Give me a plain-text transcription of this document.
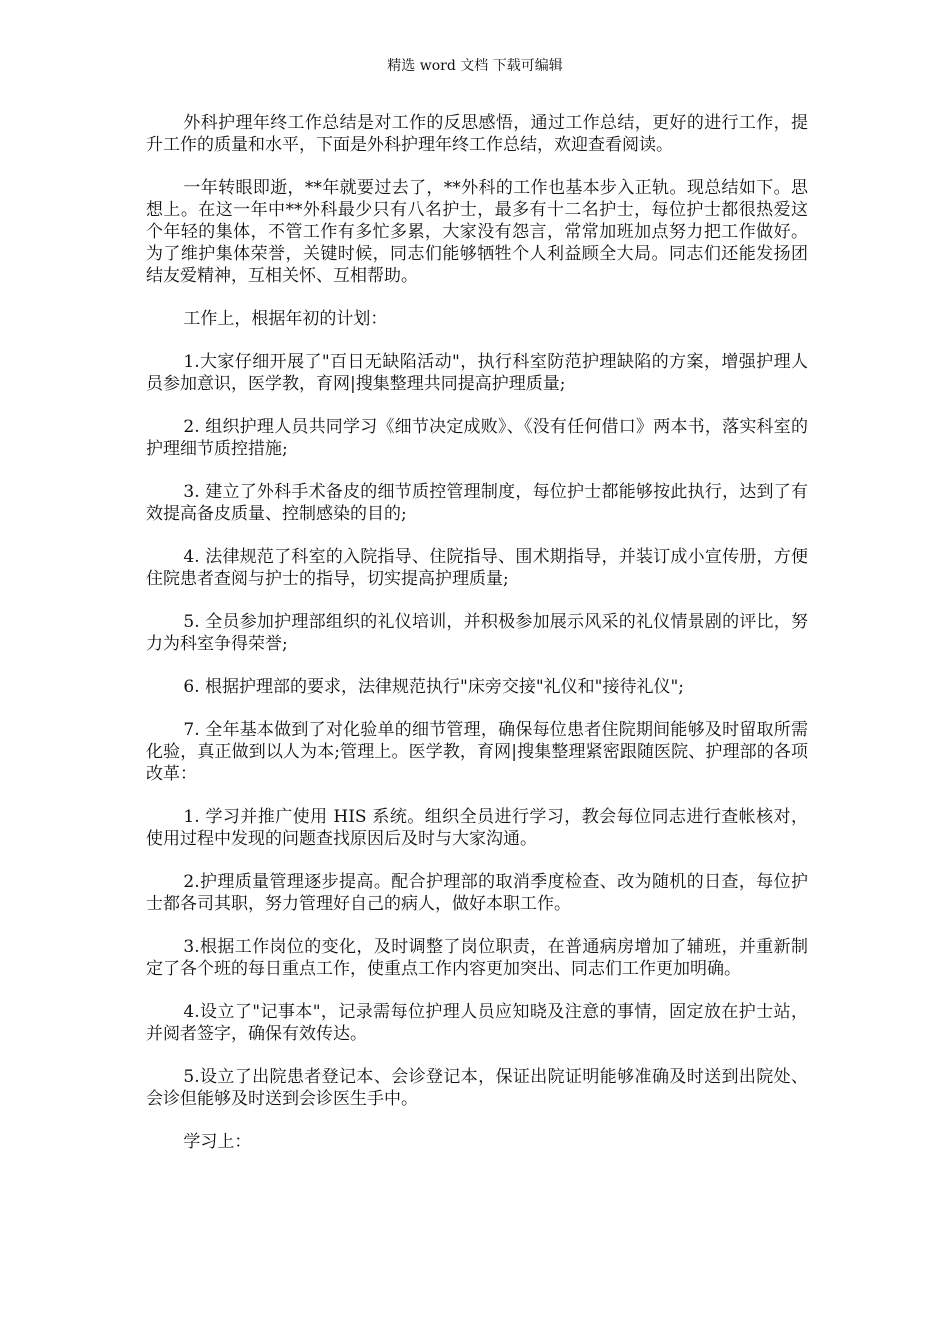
精选 word 文档 下载可编辑

外科护理年终工作总结是对工作的反思感悟，通过工作总结，更好的进行工作，提升工作的质量和水平，下面是外科护理年终工作总结，欢迎查看阅读。

一年转眼即逝，**年就要过去了，**外科的工作也基本步入正轨。现总结如下。思想上。在这一年中**外科最少只有八名护士，最多有十二名护士，每位护士都很热爱这个年轻的集体，不管工作有多忙多累，大家没有怨言，常常加班加点努力把工作做好。为了维护集体荣誉，关键时候，同志们能够牺牲个人利益顾全大局。同志们还能发扬团结友爱精神，互相关怀、互相帮助。

工作上，根据年初的计划：

1.大家仔细开展了"百日无缺陷活动"，执行科室防范护理缺陷的方案，增强护理人员参加意识，医学教，育网|搜集整理共同提高护理质量;

2. 组织护理人员共同学习《细节决定成败》、《没有任何借口》两本书，落实科室的护理细节质控措施;

3. 建立了外科手术备皮的细节质控管理制度，每位护士都能够按此执行，达到了有效提高备皮质量、控制感染的目的;

4. 法律规范了科室的入院指导、住院指导、围术期指导，并装订成小宣传册，方便住院患者查阅与护士的指导，切实提高护理质量;

5. 全员参加护理部组织的礼仪培训，并积极参加展示风采的礼仪情景剧的评比，努力为科室争得荣誉;

6. 根据护理部的要求，法律规范执行"床旁交接"礼仪和"接待礼仪";

7. 全年基本做到了对化验单的细节管理，确保每位患者住院期间能够及时留取所需化验，真正做到以人为本;管理上。医学教，育网|搜集整理紧密跟随医院、护理部的各项改革：

1. 学习并推广使用 HIS 系统。组织全员进行学习，教会每位同志进行查帐核对，使用过程中发现的问题查找原因后及时与大家沟通。

2.护理质量管理逐步提高。配合护理部的取消季度检查、改为随机的日查，每位护士都各司其职，努力管理好自己的病人，做好本职工作。

3.根据工作岗位的变化，及时调整了岗位职责，在普通病房增加了辅班，并重新制定了各个班的每日重点工作，使重点工作内容更加突出、同志们工作更加明确。

4.设立了"记事本"，记录需每位护理人员应知晓及注意的事情，固定放在护士站，并阅者签字，确保有效传达。

5.设立了出院患者登记本、会诊登记本，保证出院证明能够准确及时送到出院处、会诊但能够及时送到会诊医生手中。

学习上：
